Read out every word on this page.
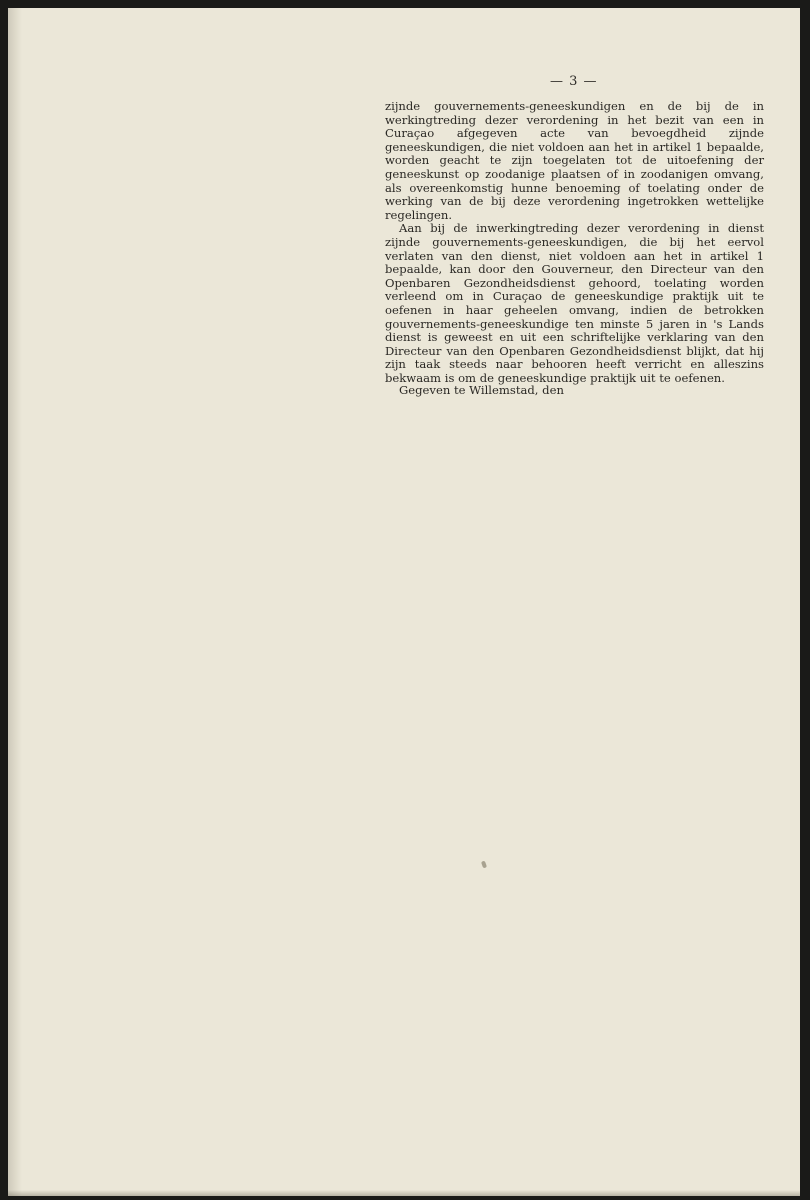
— 3 —

zijnde gouvernements-geneeskundigen en de bij de in werkingtreding dezer verordening in het bezit van een in Curaçao afgegeven acte van bevoegdheid zijnde geneeskundigen, die niet voldoen aan het in artikel 1 bepaalde, worden geacht te zijn toegelaten tot de uitoefening der geneeskunst op zoodanige plaatsen of in zoodanigen omvang, als overeenkomstig hunne benoeming of toelating onder de werking van de bij deze verordening ingetrokken wettelijke regelingen.

Aan bij de inwerkingtreding dezer verordening in dienst zijnde gouvernements-geneeskundigen, die bij het eervol verlaten van den dienst, niet voldoen aan het in artikel 1 bepaalde, kan door den Gouverneur, den Directeur van den Openbaren Gezondheidsdienst gehoord, toelating worden verleend om in Curaçao de geneeskundige praktijk uit te oefenen in haar geheelen omvang, indien de betrokken gouvernements-geneeskundige ten minste 5 jaren in 's Lands dienst is geweest en uit een schriftelijke verklaring van den Directeur van den Openbaren Gezondheidsdienst blijkt, dat hij zijn taak steeds naar behooren heeft verricht en alleszins bekwaam is om de geneeskundige praktijk uit te oefenen.

Gegeven te Willemstad, den
